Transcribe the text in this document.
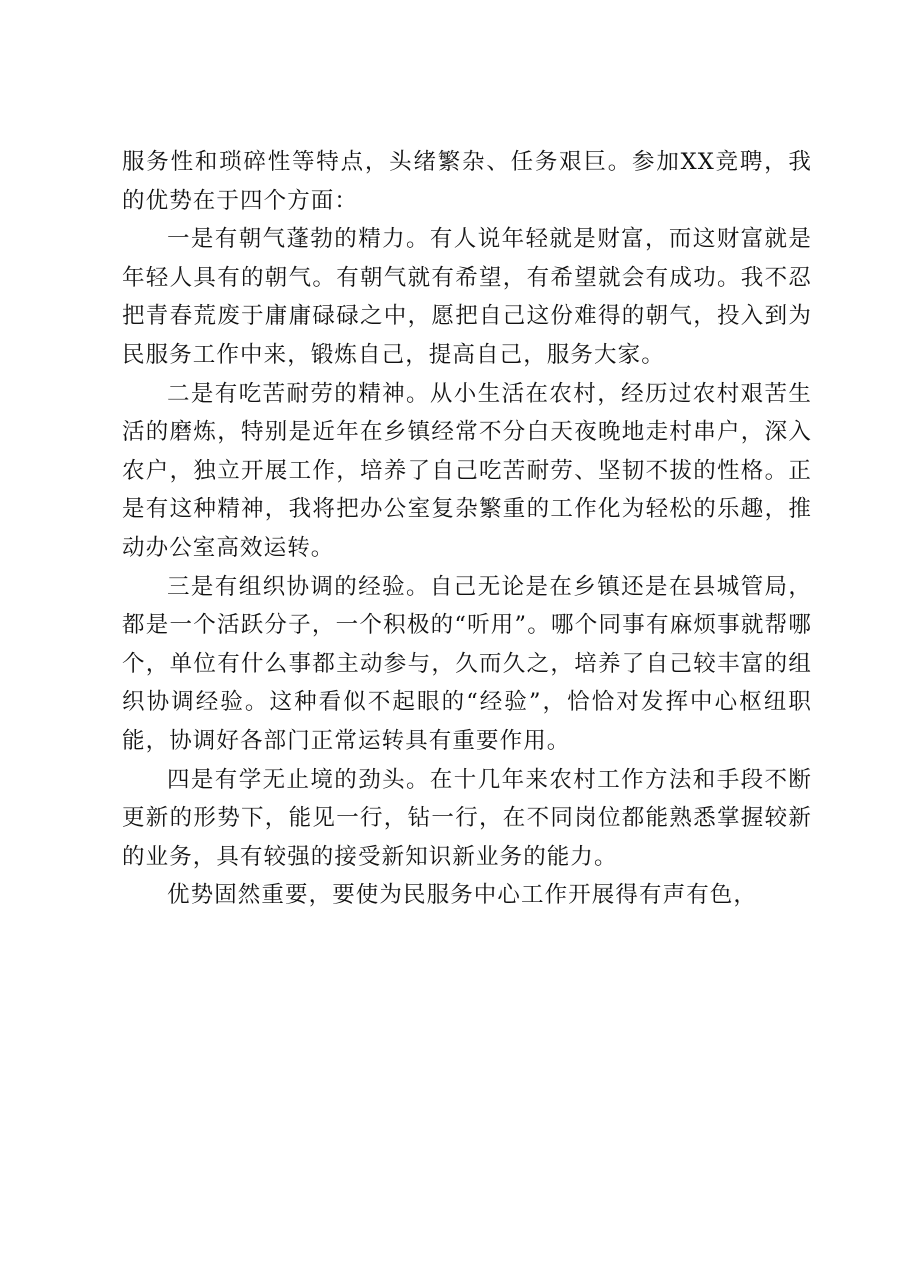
服务性和琐碎性等特点，头绪繁杂、任务艰巨。参加XX竞聘，我的优势在于四个方面：

一是有朝气蓬勃的精力。有人说年轻就是财富，而这财富就是年轻人具有的朝气。有朝气就有希望，有希望就会有成功。我不忍把青春荒废于庸庸碌碌之中，愿把自己这份难得的朝气，投入到为民服务工作中来，锻炼自己，提高自己，服务大家。

二是有吃苦耐劳的精神。从小生活在农村，经历过农村艰苦生活的磨炼，特别是近年在乡镇经常不分白天夜晚地走村串户，深入农户，独立开展工作，培养了自己吃苦耐劳、坚韧不拔的性格。正是有这种精神，我将把办公室复杂繁重的工作化为轻松的乐趣，推动办公室高效运转。

三是有组织协调的经验。自己无论是在乡镇还是在县城管局，都是一个活跃分子，一个积极的“听用”。哪个同事有麻烦事就帮哪个，单位有什么事都主动参与，久而久之，培养了自己较丰富的组织协调经验。这种看似不起眼的“经验”，恰恰对发挥中心枢纽职能，协调好各部门正常运转具有重要作用。

四是有学无止境的劲头。在十几年来农村工作方法和手段不断更新的形势下，能见一行，钻一行，在不同岗位都能熟悉掌握较新的业务，具有较强的接受新知识新业务的能力。

优势固然重要，要使为民服务中心工作开展得有声有色，
